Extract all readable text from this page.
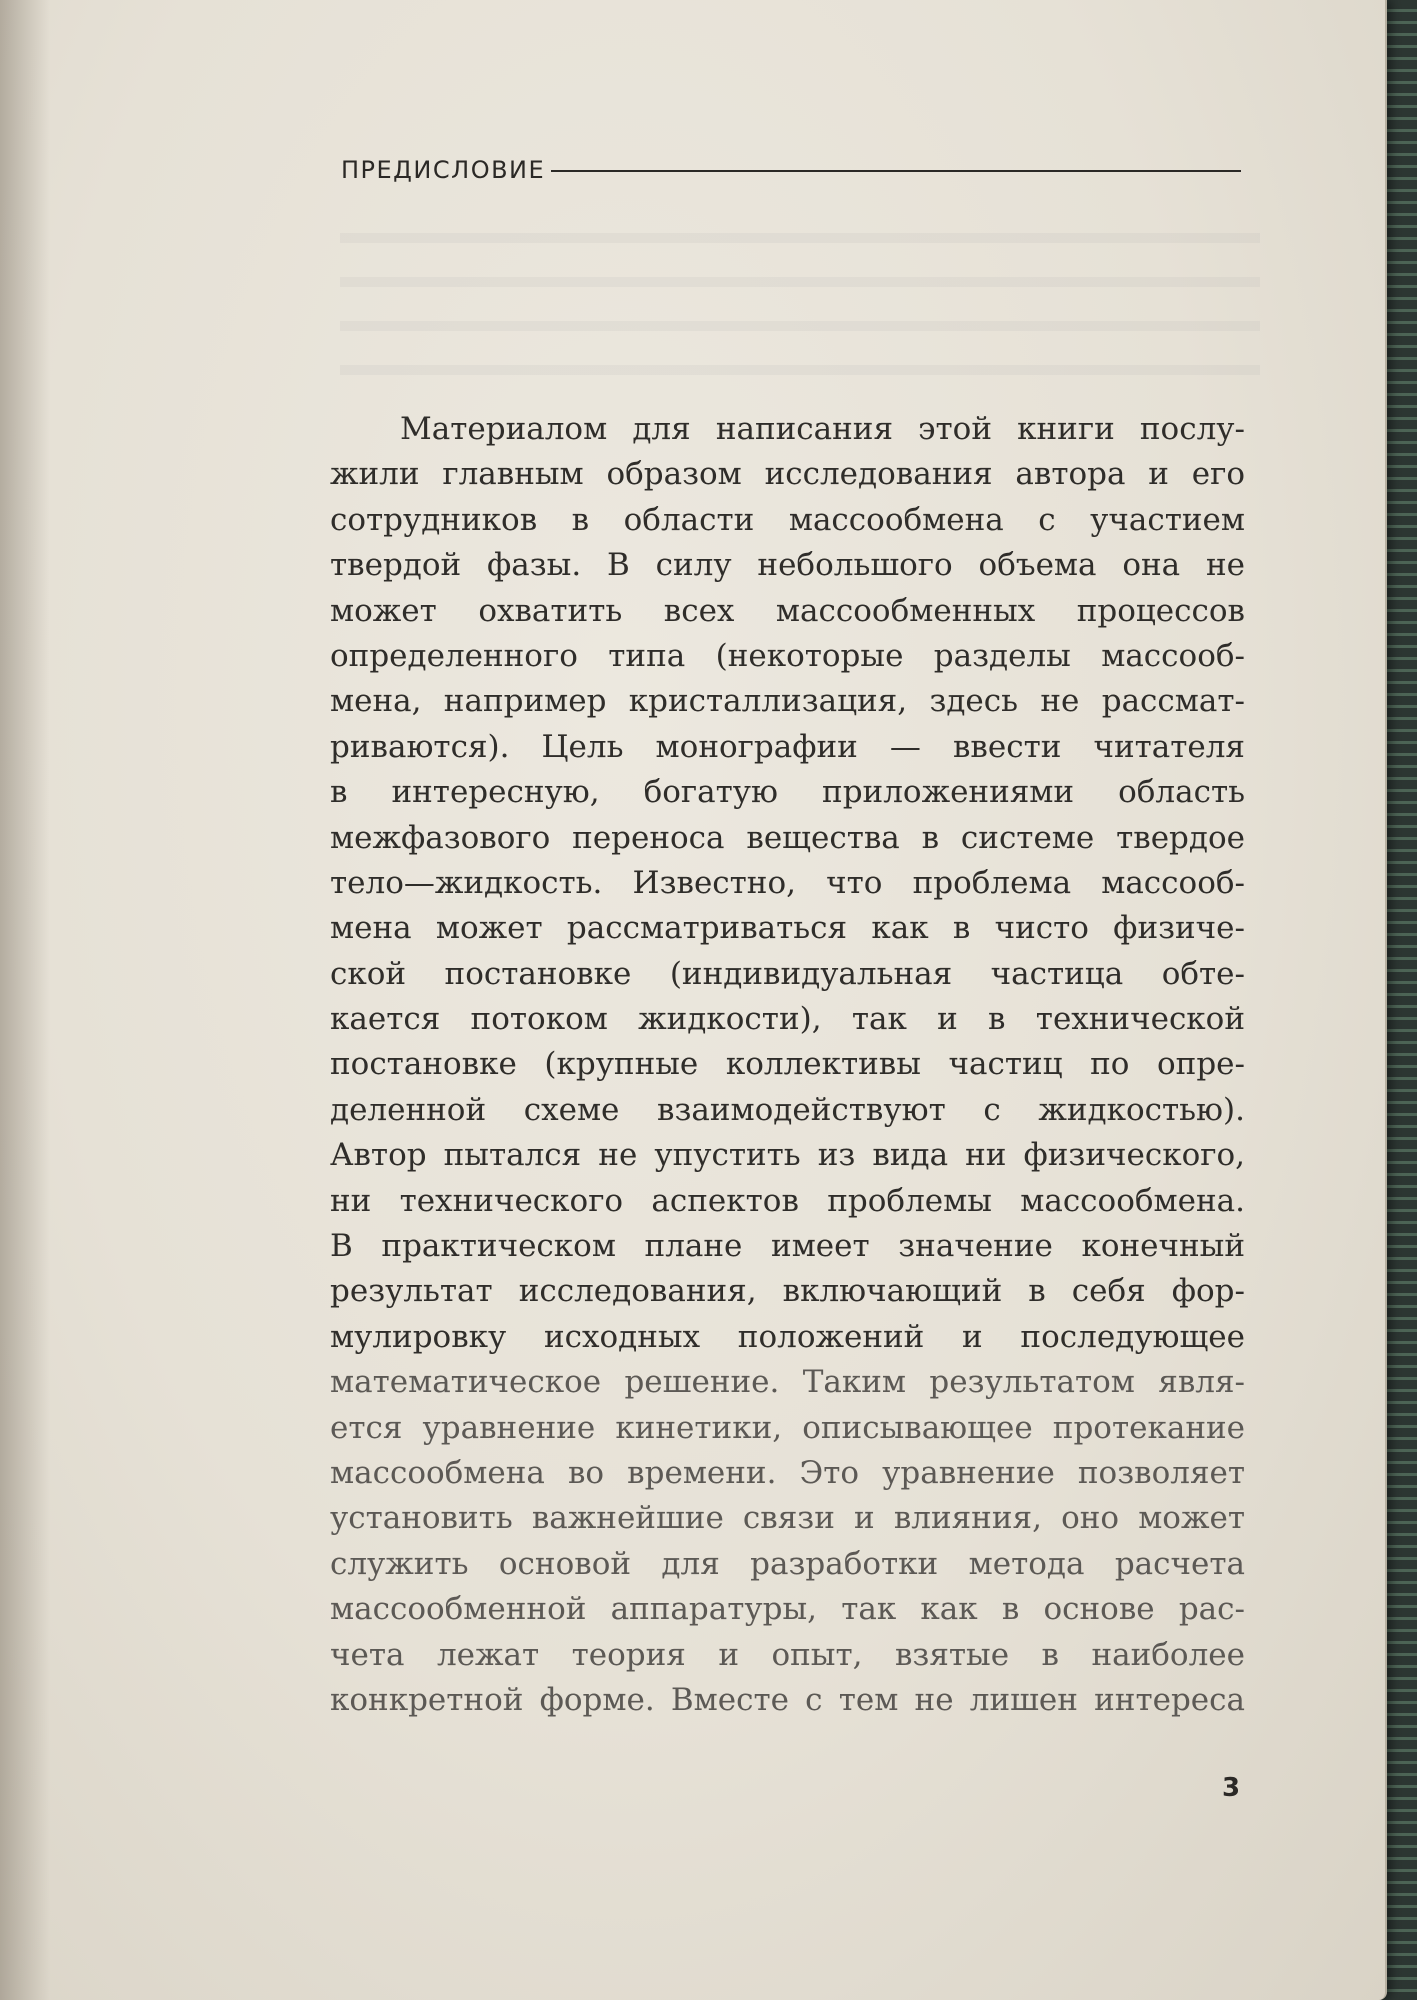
ПРЕДИСЛОВИЕ
Материалом для написания этой книги послу-
жили главным образом исследования автора и его
сотрудников в области массообмена с участием
твердой фазы. В силу небольшого объема она не
может охватить всех массообменных процессов
определенного типа (некоторые разделы массооб-
мена, например кристаллизация, здесь не рассмат-
риваются). Цель монографии — ввести читателя
в интересную, богатую приложениями область
межфазового переноса вещества в системе твердое
тело—жидкость. Известно, что проблема массооб-
мена может рассматриваться как в чисто физиче-
ской постановке (индивидуальная частица обте-
кается потоком жидкости), так и в технической
постановке (крупные коллективы частиц по опре-
деленной схеме взаимодействуют с жидкостью).
Автор пытался не упустить из вида ни физического,
ни технического аспектов проблемы массообмена.
В практическом плане имеет значение конечный
результат исследования, включающий в себя фор-
мулировку исходных положений и последующее
математическое решение. Таким результатом явля-
ется уравнение кинетики, описывающее протекание
массообмена во времени. Это уравнение позволяет
установить важнейшие связи и влияния, оно может
служить основой для разработки метода расчета
массообменной аппаратуры, так как в основе рас-
чета лежат теория и опыт, взятые в наиболее
конкретной форме. Вместе с тем не лишен интереса
3
